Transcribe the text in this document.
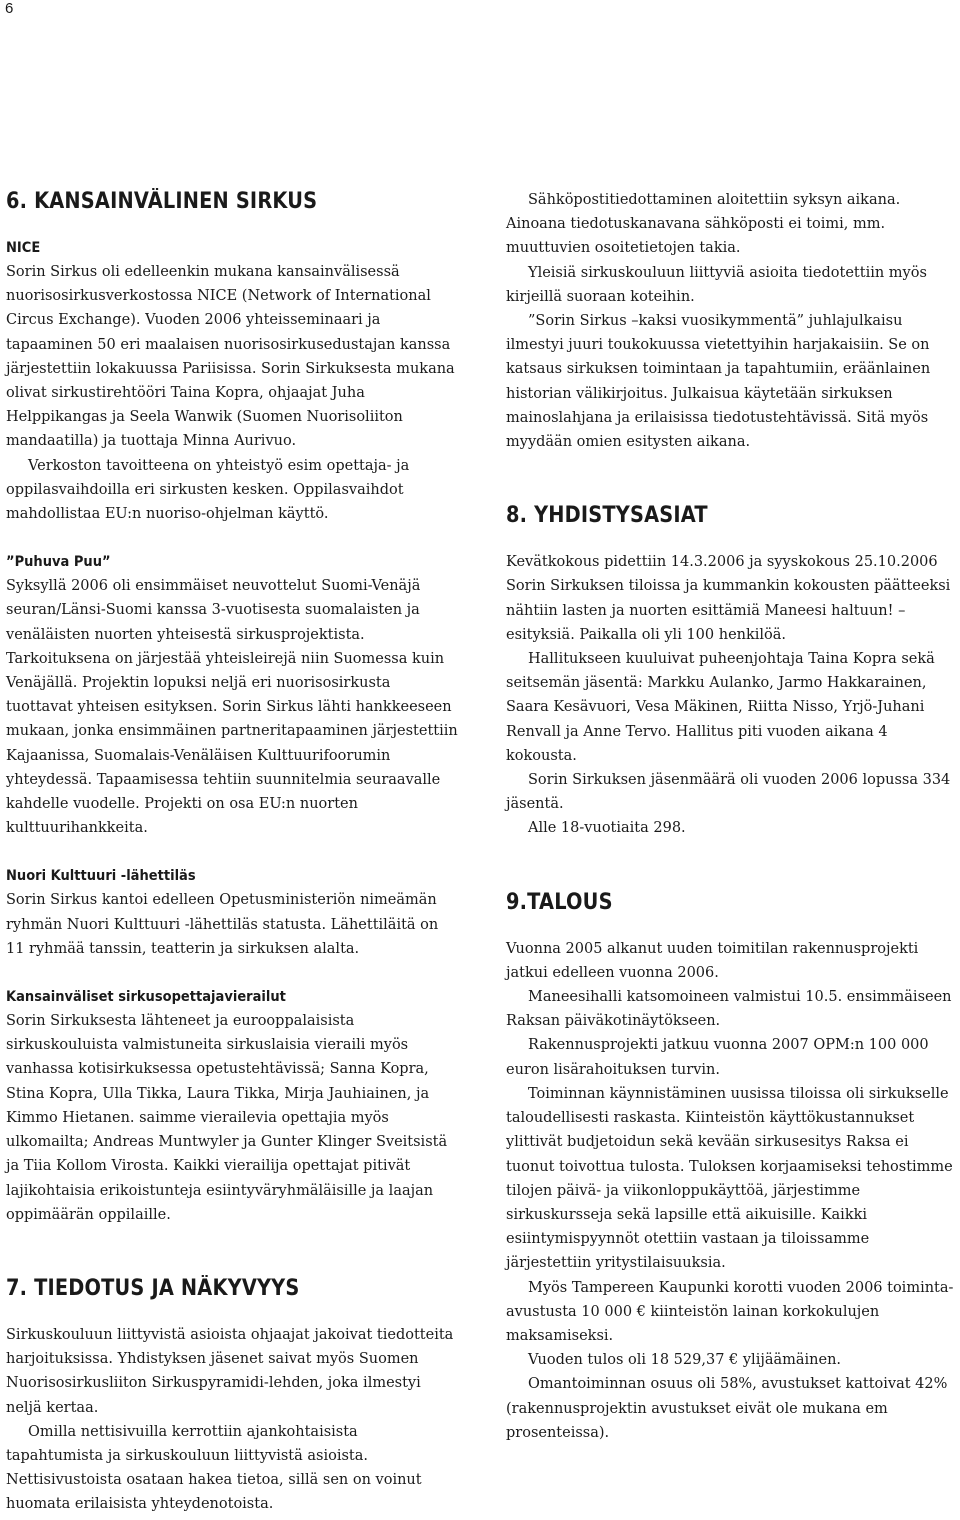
6
6. KANSAINVÄLINEN SIRKUS
NICE

Sorin Sirkus oli edelleenkin mukana kansainvälisessä nuorisosirkusverkostossa NICE (Network of International Circus Exchange). Vuoden 2006 yhteisseminaari ja tapaaminen 50 eri maalaisen nuorisosirkusedustajan kanssa järjestettiin lokakuussa Pariisissa. Sorin Sirkuksesta mukana olivat sirkustirehtööri Taina Kopra, ohjaajat Juha Helppikangas ja Seela Wanwik (Suomen Nuorisoliiton mandaatilla) ja tuottaja Minna Aurivuo.

Verkoston tavoitteena on yhteistyö esim opettaja- ja oppilasvaihdoilla eri sirkusten kesken. Oppilasvaihdot mahdollistaa EU:n nuoriso-ohjelman käyttö.

”Puhuva Puu”

Syksyllä 2006 oli ensimmäiset neuvottelut Suomi-Venäjä seuran/Länsi-Suomi kanssa 3-vuotisesta suomalaisten ja venäläisten nuorten yhteisestä sirkusprojektista. Tarkoituksena on järjestää yhteisleirejä niin Suomessa kuin Venäjällä. Projektin lopuksi neljä eri nuorisosirkusta tuottavat yhteisen esityksen. Sorin Sirkus lähti hankkeeseen mukaan, jonka ensimmäinen partneritapaaminen järjestettiin Kajaanissa, Suomalais-Venäläisen Kulttuurifoorumin yhteydessä. Tapaamisessa tehtiin suunnitelmia seuraavalle kahdelle vuodelle. Projekti on osa EU:n nuorten kulttuurihankkeita.

Nuori Kulttuuri -lähettiläs

Sorin Sirkus kantoi edelleen Opetusministeriön nimeämän ryhmän Nuori Kulttuuri -lähettiläs statusta. Lähettiläitä on 11 ryhmää tanssin, teatterin ja sirkuksen alalta.

Kansainväliset sirkusopettajavierailut

Sorin Sirkuksesta lähteneet ja eurooppalaisista sirkuskouluista valmistuneita sirkuslaisia vieraili myös vanhassa kotisirkuksessa opetustehtävissä; Sanna Kopra, Stina Kopra, Ulla Tikka, Laura Tikka, Mirja Jauhiainen, ja Kimmo Hietanen. saimme vierailevia opettajia myös ulkomailta; Andreas Muntwyler ja Gunter Klinger Sveitsistä ja Tiia Kollom Virosta. Kaikki vierailija opettajat pitivät lajikohtaisia erikoistunteja esiintyväryhmäläisille ja laajan oppimäärän oppilaille.

7. TIEDOTUS JA NÄKYVYYS

Sirkuskouluun liittyvistä asioista ohjaajat jakoivat tiedotteita harjoituksissa. Yhdistyksen jäsenet saivat myös Suomen Nuorisosirkusliiton Sirkuspyramidi-lehden, joka ilmestyi neljä kertaa.

Omilla nettisivuilla kerrottiin ajankohtaisista tapahtumista ja sirkuskouluun liittyvistä asioista. Nettisivustoista osataan hakea tietoa, sillä sen on voinut huomata erilaisista yhteydenotoista.

Sähköpostitiedottaminen aloitettiin syksyn aikana. Ainoana tiedotuskanavana sähköposti ei toimi, mm. muuttuvien osoitetietojen takia.

Yleisiä sirkuskouluun liittyviä asioita tiedotettiin myös kirjeillä suoraan koteihin.

”Sorin Sirkus –kaksi vuosikymmentä” juhlajulkaisu ilmestyi juuri toukokuussa vietettyihin harjakaisiin. Se on katsaus sirkuksen toimintaan ja tapahtumiin, eräänlainen historian välikirjoitus. Julkaisua käytetään sirkuksen mainoslahjana ja erilaisissa tiedotustehtävissä. Sitä myös myydään omien esitysten aikana.

8. YHDISTYSASIAT

Kevätkokous pidettiin 14.3.2006 ja syyskokous 25.10.2006 Sorin Sirkuksen tiloissa ja kummankin kokousten päätteeksi nähtiin lasten ja nuorten esittämiä Maneesi haltuun! –esityksiä. Paikalla oli yli 100 henkilöä.

Hallitukseen kuuluivat puheenjohtaja Taina Kopra sekä seitsemän jäsentä: Markku Aulanko, Jarmo Hakkarainen, Saara Kesävuori, Vesa Mäkinen, Riitta Nisso, Yrjö-Juhani Renvall ja Anne Tervo. Hallitus piti vuoden aikana 4 kokousta.

Sorin Sirkuksen jäsenmäärä oli vuoden 2006 lopussa 334 jäsentä.

Alle 18-vuotiaita 298.

9.TALOUS

Vuonna 2005 alkanut uuden toimitilan rakennusprojekti jatkui edelleen vuonna 2006.

Maneesihalli katsomoineen valmistui 10.5. ensimmäiseen Raksan päiväkotinäytökseen.

Rakennusprojekti jatkuu vuonna 2007 OPM:n 100 000 euron lisärahoituksen turvin.

Toiminnan käynnistäminen uusissa tiloissa oli sirkukselle taloudellisesti raskasta. Kiinteistön käyttökustannukset ylittivät budjetoidun sekä kevään sirkusesitys Raksa ei tuonut toivottua tulosta. Tuloksen korjaamiseksi tehostimme tilojen päivä- ja viikonloppukäyttöä, järjestimme sirkuskursseja sekä lapsille että aikuisille. Kaikki esiintymispyynnöt otettiin vastaan ja tiloissamme järjestettiin yritystilaisuuksia.

Myös Tampereen Kaupunki korotti vuoden 2006 toiminta-avustusta 10 000 € kiinteistön lainan korkokulujen maksamiseksi.

Vuoden tulos oli 18 529,37 € ylijäämäinen.

Omantoiminnan osuus oli 58%, avustukset kattoivat 42% (rakennusprojektin avustukset eivät ole mukana em prosenteissa).
